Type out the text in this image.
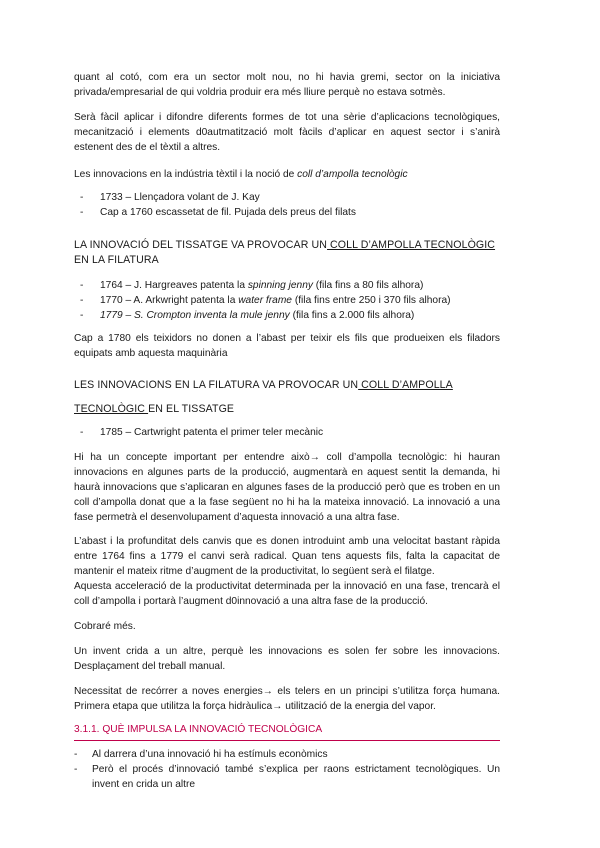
quant al cotó, com era un sector molt nou, no hi havia gremi, sector on la iniciativa privada/empresarial de qui voldria produir era més lliure perquè no estava sotmès.

Serà fàcil aplicar i difondre diferents formes de tot una sèrie d’aplicacions tecnològiques, mecanització i elements d0autmatització molt fàcils d’aplicar en aquest sector i s’anirà estenent des de el tèxtil a altres.

Les innovacions en la indústria tèxtil i la noció de coll d’ampolla tecnològic

- 1733 – Llençadora volant de J. Kay
- Cap a 1760 escassetat de fil. Pujada dels preus del filats

LA INNOVACIÓ DEL TISSATGE VA PROVOCAR UN COLL D’AMPOLLA TECNOLÒGIC EN LA FILATURA

- 1764 – J. Hargreaves patenta la spinning jenny (fila fins a 80 fils alhora)
- 1770 – A. Arkwright patenta la water frame (fila fins entre 250 i 370 fils alhora)
- 1779 – S. Crompton inventa la mule jenny (fila fins a 2.000 fils alhora)

Cap a 1780 els teixidors no donen a l’abast per teixir els fils que produeixen els filadors equipats amb aquesta maquinària

LES INNOVACIONS EN LA FILATURA VA PROVOCAR UN COLL D’AMPOLLA
TECNOLÒGIC EN EL TISSATGE

- 1785 – Cartwright patenta el primer teler mecànic

Hi ha un concepte important per entendre això→ coll d’ampolla tecnològic: hi hauran innovacions en algunes parts de la producció, augmentarà en aquest sentit la demanda, hi haurà innovacions que s’aplicaran en algunes fases de la producció però que es troben en un coll d’ampolla donat que a la fase següent no hi ha la mateixa innovació. La innovació a una fase permetrà el desenvolupament d’aquesta innovació a una altra fase.

L’abast i la profunditat dels canvis que es donen introduint amb una velocitat bastant ràpida entre 1764 fins a 1779 el canvi serà radical. Quan tens aquests fils, falta la capacitat de mantenir el mateix ritme d’augment de la productivitat, lo següent serà el filatge.

Aquesta acceleració de la productivitat determinada per la innovació en una fase, trencarà el coll d’ampolla i portarà l’augment d0innovació a una altra fase de la producció.

Cobraré més.

Un invent crida a un altre, perquè les innovacions es solen fer sobre les innovacions. Desplaçament del treball manual.

Necessitat de recórrer a noves energies→ els telers en un principi s’utilitza força humana. Primera etapa que utilitza la força hidràulica→ utilització de la energia del vapor.

3.1.1. QUÈ IMPULSA LA INNOVACIÓ TECNOLÒGICA
- Al darrera d’una innovació hi ha estímuls econòmics
- Però el procés d’innovació també s’explica per raons estrictament tecnològiques. Un invent en crida un altre
